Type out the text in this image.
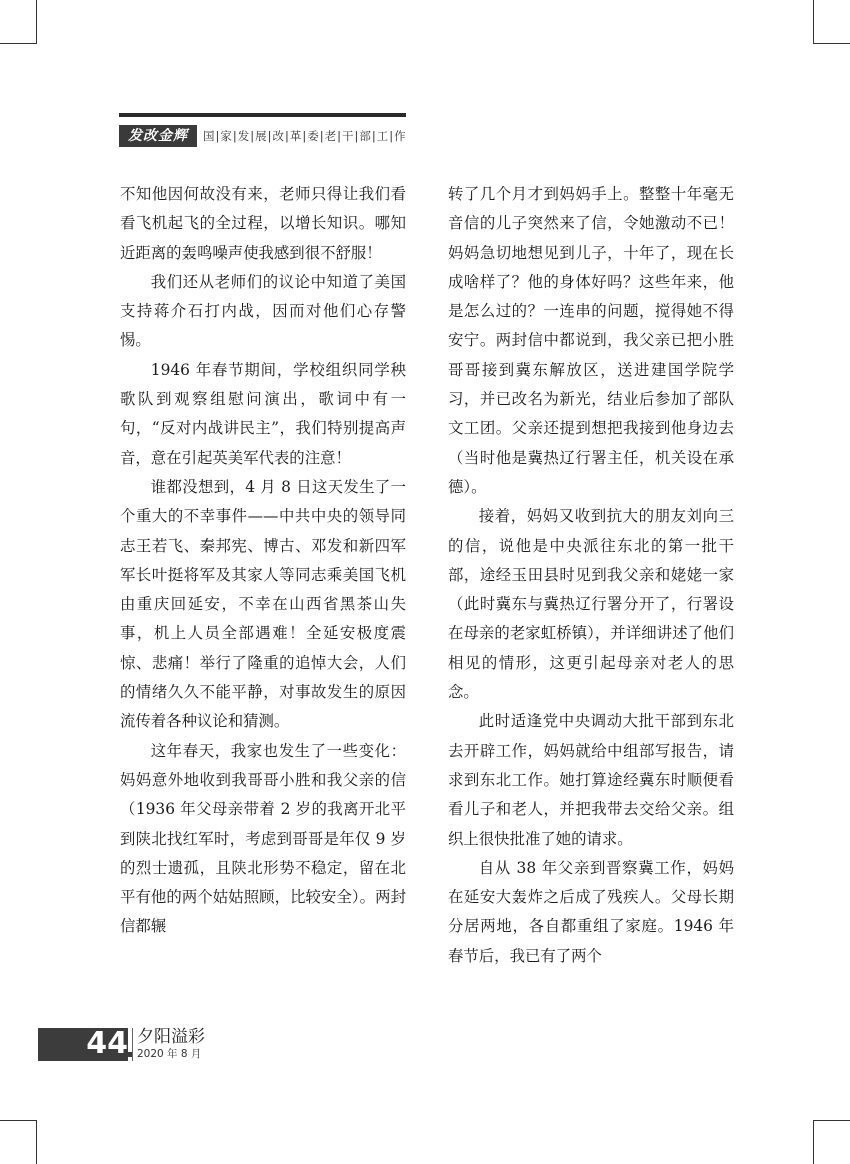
发改金辉	国|家|发|展|改|革|委|老|干|部|工|作

不知他因何故没有来，老师只得让我们看看飞机起飞的全过程，以增长知识。哪知近距离的轰鸣噪声使我感到很不舒服！

我们还从老师们的议论中知道了美国支持蒋介石打内战，因而对他们心存警惕。

1946 年春节期间，学校组织同学秧歌队到观察组慰问演出，歌词中有一句，“反对内战讲民主”，我们特别提高声音，意在引起英美军代表的注意！

谁都没想到，4 月 8 日这天发生了一个重大的不幸事件——中共中央的领导同志王若飞、秦邦宪、博古、邓发和新四军军长叶挺将军及其家人等同志乘美国飞机由重庆回延安，不幸在山西省黑茶山失事，机上人员全部遇难！全延安极度震惊、悲痛！举行了隆重的追悼大会，人们的情绪久久不能平静，对事故发生的原因流传着各种议论和猜测。

这年春天，我家也发生了一些变化：妈妈意外地收到我哥哥小胜和我父亲的信（1936 年父母亲带着 2 岁的我离开北平到陕北找红军时，考虑到哥哥是年仅 9 岁的烈士遗孤，且陕北形势不稳定，留在北平有他的两个姑姑照顾，比较安全）。两封信都辗

转了几个月才到妈妈手上。整整十年毫无音信的儿子突然来了信，令她激动不已！妈妈急切地想见到儿子，十年了，现在长成啥样了？他的身体好吗？这些年来，他是怎么过的？一连串的问题，搅得她不得安宁。两封信中都说到，我父亲已把小胜哥哥接到冀东解放区，送进建国学院学习，并已改名为新光，结业后参加了部队文工团。父亲还提到想把我接到他身边去（当时他是冀热辽行署主任，机关设在承德）。

接着，妈妈又收到抗大的朋友刘向三的信，说他是中央派往东北的第一批干部，途经玉田县时见到我父亲和姥姥一家（此时冀东与冀热辽行署分开了，行署设在母亲的老家虹桥镇），并详细讲述了他们相见的情形，这更引起母亲对老人的思念。

此时适逢党中央调动大批干部到东北去开辟工作，妈妈就给中组部写报告，请求到东北工作。她打算途经冀东时顺便看看儿子和老人，并把我带去交给父亲。组织上很快批准了她的请求。

自从 38 年父亲到晋察冀工作，妈妈在延安大轰炸之后成了残疾人。父母长期分居两地，各自都重组了家庭。1946 年春节后，我已有了两个

44 夕阳溢彩
2020 年 8 月
